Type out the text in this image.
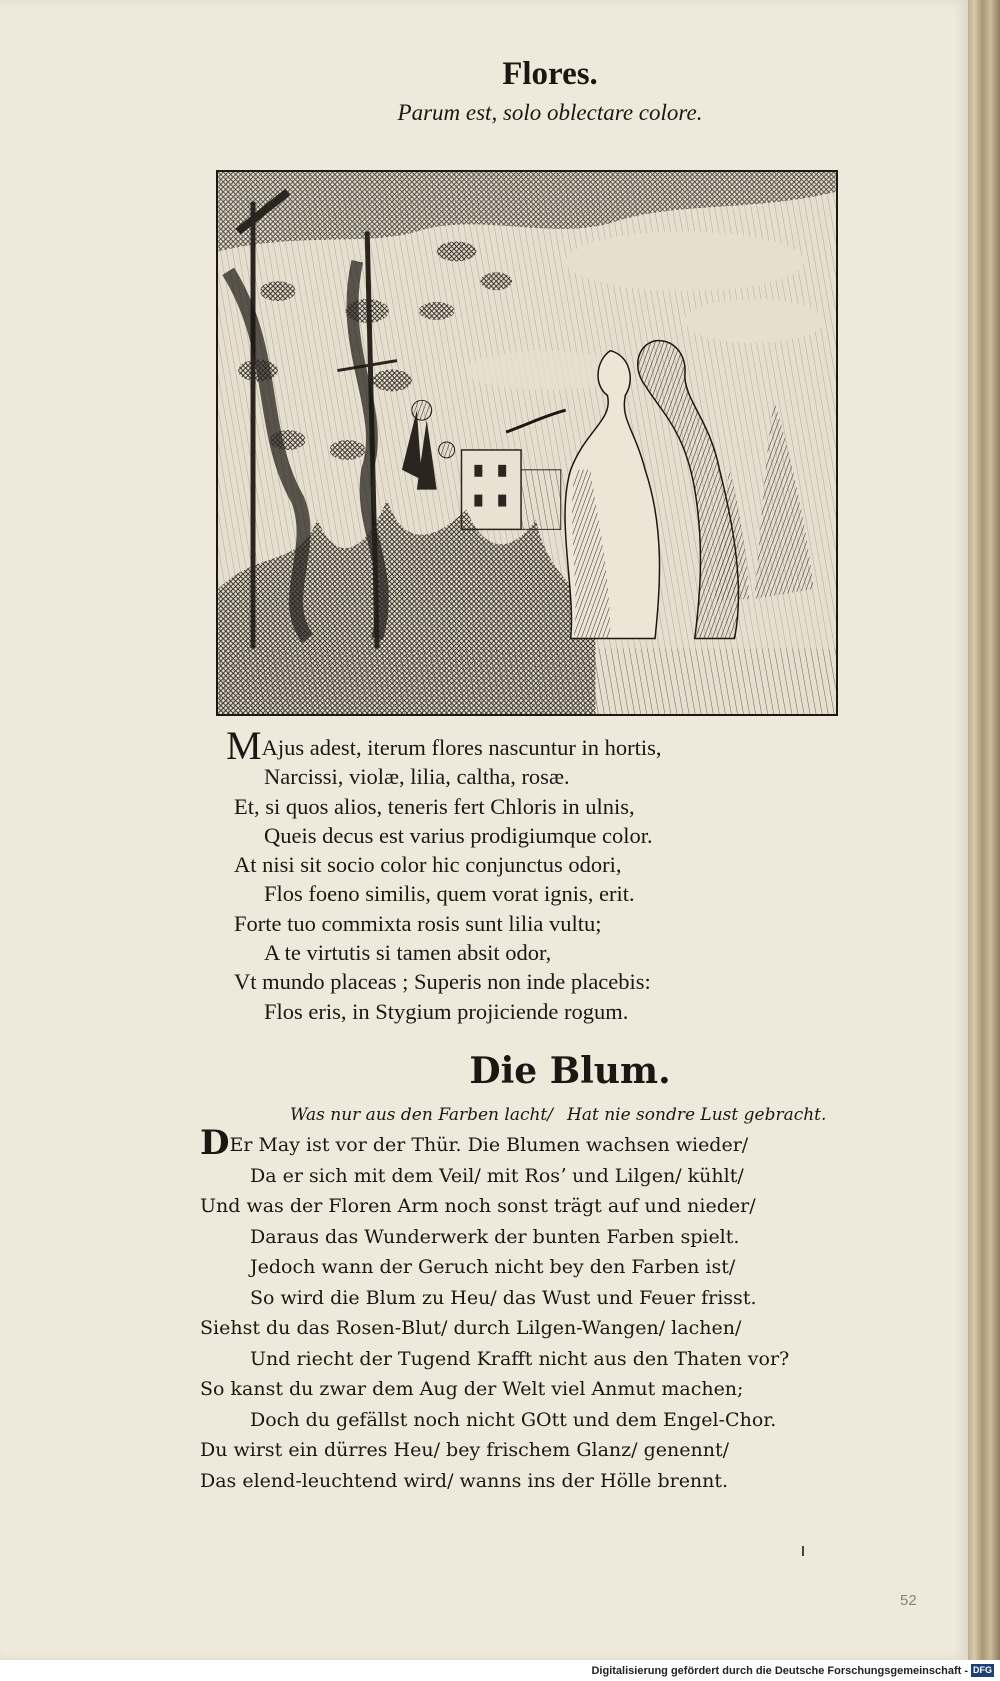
Flores.
Parum est, solo oblectare colore.
MAjus adest, iterum flores nascuntur in hortis,
Narcissi, violæ, lilia, caltha, rosæ.
Et, si quos alios, teneris fert Chloris in ulnis,
Queis decus est varius prodigiumque color.
At nisi sit socio color hic conjunctus odori,
Flos foeno similis, quem vorat ignis, erit.
Forte tuo commixta rosis sunt lilia vultu;
A te virtutis si tamen absit odor,
Vt mundo placeas ; Superis non inde placebis:
Flos eris, in Stygium projiciende rogum.
Die Blum.
Was nur aus den Farben lacht/ Hat nie sondre Lust gebracht.
DEr May ist vor der Thür. Die Blumen wachsen wieder/
Da er sich mit dem Veil/ mit Rosʼ und Lilgen/ kühlt/
Und was der Floren Arm noch sonst trägt auf und nieder/
Daraus das Wunderwerk der bunten Farben spielt.
Jedoch wann der Geruch nicht bey den Farben ist/
So wird die Blum zu Heu/ das Wust und Feuer frisst.
Siehst du das Rosen-Blut/ durch Lilgen-Wangen/ lachen/
Und riecht der Tugend Krafft nicht aus den Thaten vor?
So kanst du zwar dem Aug der Welt viel Anmut machen;
Doch du gefällst noch nicht GOtt und dem Engel-Chor.
Du wirst ein dürres Heu/ bey frischem Glanz/ genennt/
Das elend-leuchtend wird/ wanns ins der Hölle brennt.
52
Digitalisierung gefördert durch die Deutsche Forschungsgemeinschaft - DFG
